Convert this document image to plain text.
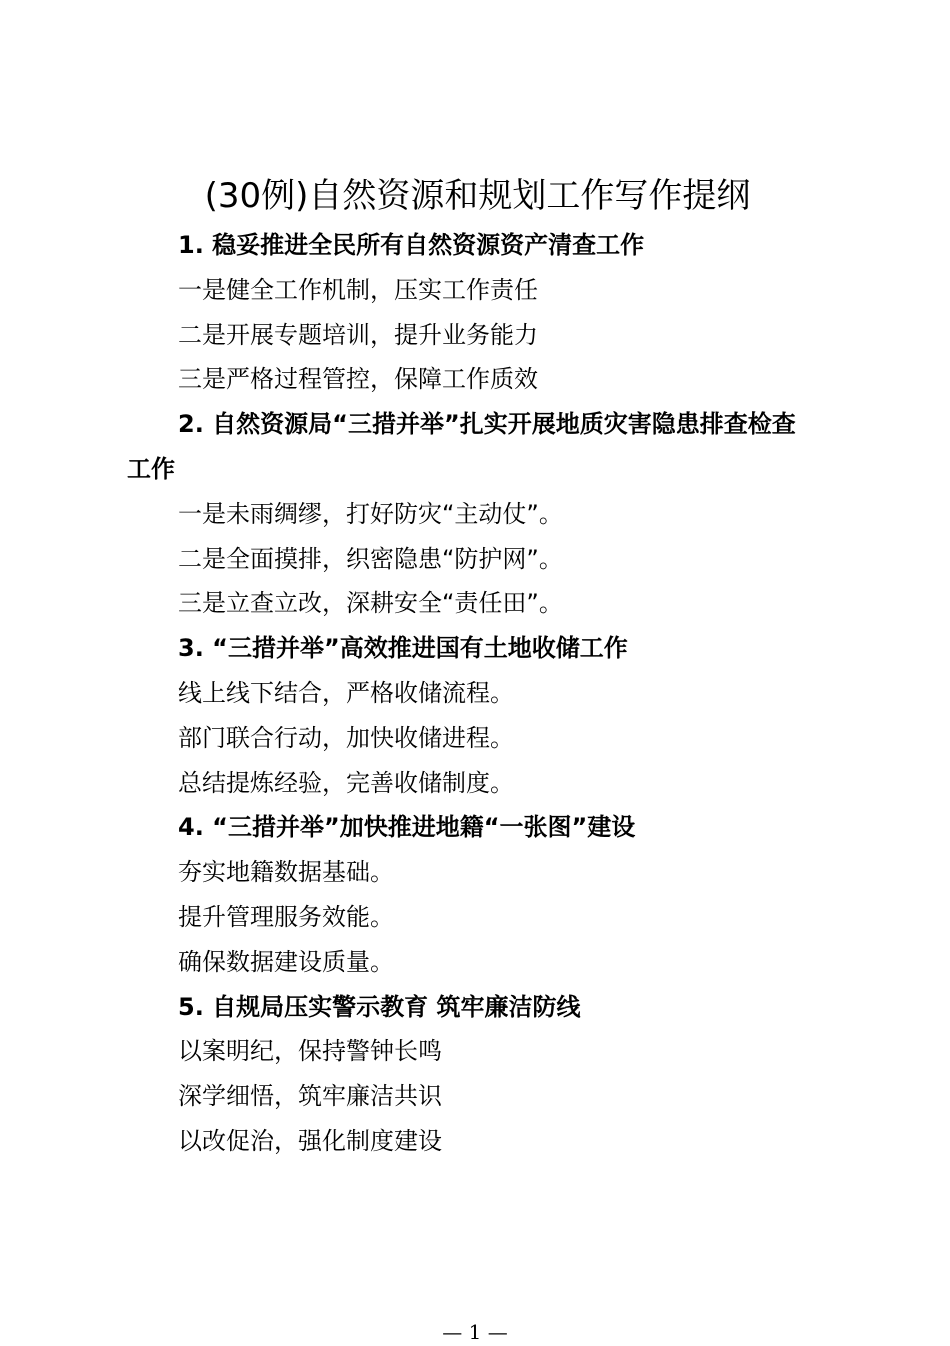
(30例)自然资源和规划工作写作提纲

1. 稳妥推进全民所有自然资源资产清查工作

一是健全工作机制，压实工作责任

二是开展专题培训，提升业务能力

三是严格过程管控，保障工作质效

2. 自然资源局“三措并举”扎实开展地质灾害隐患排查检查工作

一是未雨绸缪，打好防灾“主动仗”。

二是全面摸排，织密隐患“防护网”。

三是立查立改，深耕安全“责任田”。

3. “三措并举”高效推进国有土地收储工作

线上线下结合，严格收储流程。

部门联合行动，加快收储进程。

总结提炼经验，完善收储制度。

4. “三措并举”加快推进地籍“一张图”建设

夯实地籍数据基础。

提升管理服务效能。

确保数据建设质量。

5. 自规局压实警示教育 筑牢廉洁防线

以案明纪，保持警钟长鸣

深学细悟，筑牢廉洁共识

以改促治，强化制度建设

— 1 —
